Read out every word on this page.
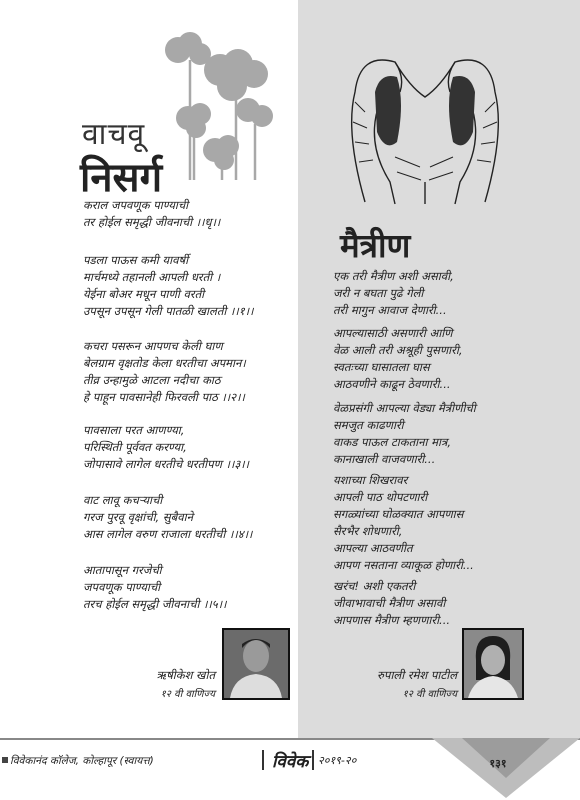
वाचवू
निसर्ग
कराल जपवणूक पाण्याची
तर होईल समृद्धी जीवनाची ।।धृ।।
पडला पाऊस कमी यावर्षी
मार्चमध्ये तहानली आपली धरती ।
येईना बोअर मधून पाणी वरती
उपसून उपसून गेली पातळी खालती ।।१।।
कचरा पसरून आपणच केली घाण
बेलग्राम वृक्षतोड केला धरतीचा अपमान।
तीव्र उन्हामुळे आटला नदीचा काठ
हे पाहून पावसानेही फिरवली पाठ ।।२।।
पावसाला परत आणण्या,
परिस्थिती पूर्ववत करण्या,
जोपासावे लागेल धरतीचे धरतीपण ।।३।।
वाट लावू कचऱ्याची
गरज पुरवू वृक्षांची, सुबैवाने
आस लागेल वरुण राजाला धरतीची ।।४।।
आतापासून गरजेची
जपवणूक पाण्याची
तरच होईल समृद्धी जीवनाची ।।५।।
ऋषीकेश खोत
१२ वी वाणिज्य
मैत्रीण
एक तरी मैत्रीण अशी असावी,
जरी न बघता पुढे गेली
तरी मागुन आवाज देणारी...
आपल्यासाठी असणारी आणि
वेळ आली तरी अश्रूही पुसणारी,
स्वतःच्या घासातला घास
आठवणीने काढून ठेवणारी...
वेळप्रसंगी आपल्या वेड्या मैत्रीणीची
समजुत काढणारी
वाकड पाऊल टाकताना मात्र,
कानाखाली वाजवणारी...
यशाच्या शिखरावर
आपली पाठ थोपटणारी
सगळ्यांच्या घोळक्यात आपणास
सैरभैर शोधणारी,
आपल्या आठवणीत
आपण नसताना व्याकूळ होणारी...
खरंच! अशी एकतरी
जीवाभावाची मैत्रीण असावी
आपणास मैत्रीण म्हणणारी...
रुपाली रमेश पाटील
१२ वी वाणिज्य
विवेकानंद कॉलेज, कोल्हापूर (स्वायत्त)	विवेक २०१९-२०	१३१
